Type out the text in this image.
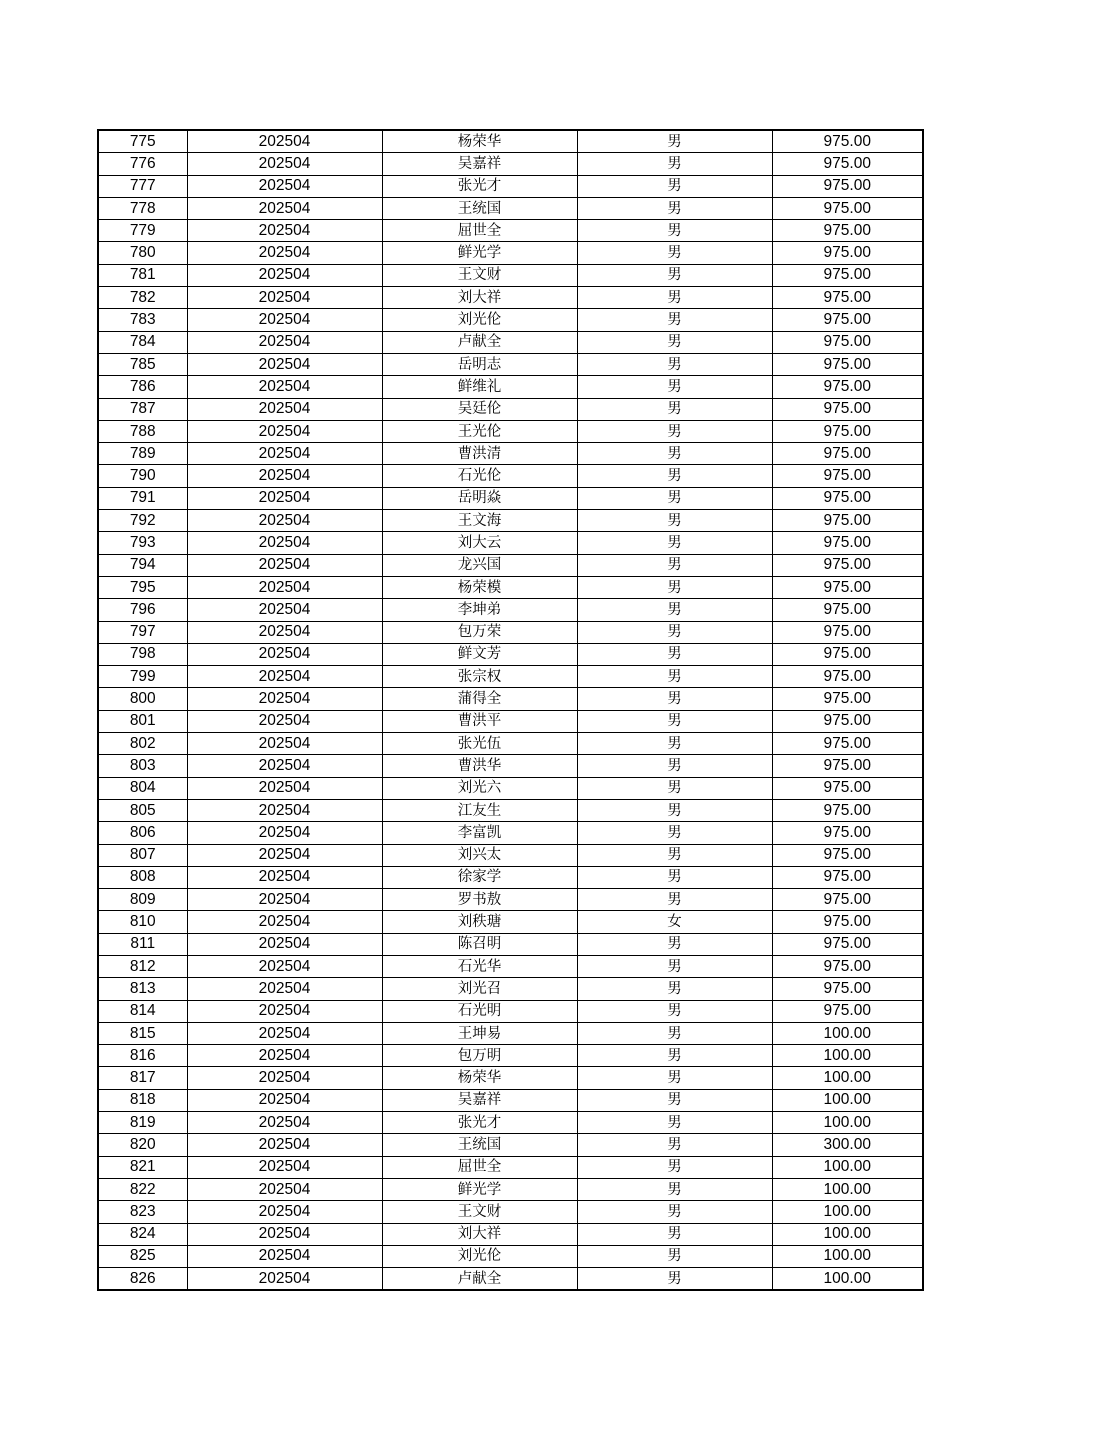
775	202504	杨荣华	男	975.00
776	202504	吴嘉祥	男	975.00
777	202504	张光才	男	975.00
778	202504	王统国	男	975.00
779	202504	屈世全	男	975.00
780	202504	鲜光学	男	975.00
781	202504	王文财	男	975.00
782	202504	刘大祥	男	975.00
783	202504	刘光伦	男	975.00
784	202504	卢献全	男	975.00
785	202504	岳明志	男	975.00
786	202504	鲜维礼	男	975.00
787	202504	吴廷伦	男	975.00
788	202504	王光伦	男	975.00
789	202504	曹洪清	男	975.00
790	202504	石光伦	男	975.00
791	202504	岳明焱	男	975.00
792	202504	王文海	男	975.00
793	202504	刘大云	男	975.00
794	202504	龙兴国	男	975.00
795	202504	杨荣模	男	975.00
796	202504	李坤弟	男	975.00
797	202504	包万荣	男	975.00
798	202504	鲜文芳	男	975.00
799	202504	张宗权	男	975.00
800	202504	蒲得全	男	975.00
801	202504	曹洪平	男	975.00
802	202504	张光伍	男	975.00
803	202504	曹洪华	男	975.00
804	202504	刘光六	男	975.00
805	202504	江友生	男	975.00
806	202504	李富凯	男	975.00
807	202504	刘兴太	男	975.00
808	202504	徐家学	男	975.00
809	202504	罗书敖	男	975.00
810	202504	刘秩瑭	女	975.00
811	202504	陈召明	男	975.00
812	202504	石光华	男	975.00
813	202504	刘光召	男	975.00
814	202504	石光明	男	975.00
815	202504	王坤易	男	100.00
816	202504	包万明	男	100.00
817	202504	杨荣华	男	100.00
818	202504	吴嘉祥	男	100.00
819	202504	张光才	男	100.00
820	202504	王统国	男	300.00
821	202504	屈世全	男	100.00
822	202504	鲜光学	男	100.00
823	202504	王文财	男	100.00
824	202504	刘大祥	男	100.00
825	202504	刘光伦	男	100.00
826	202504	卢献全	男	100.00
